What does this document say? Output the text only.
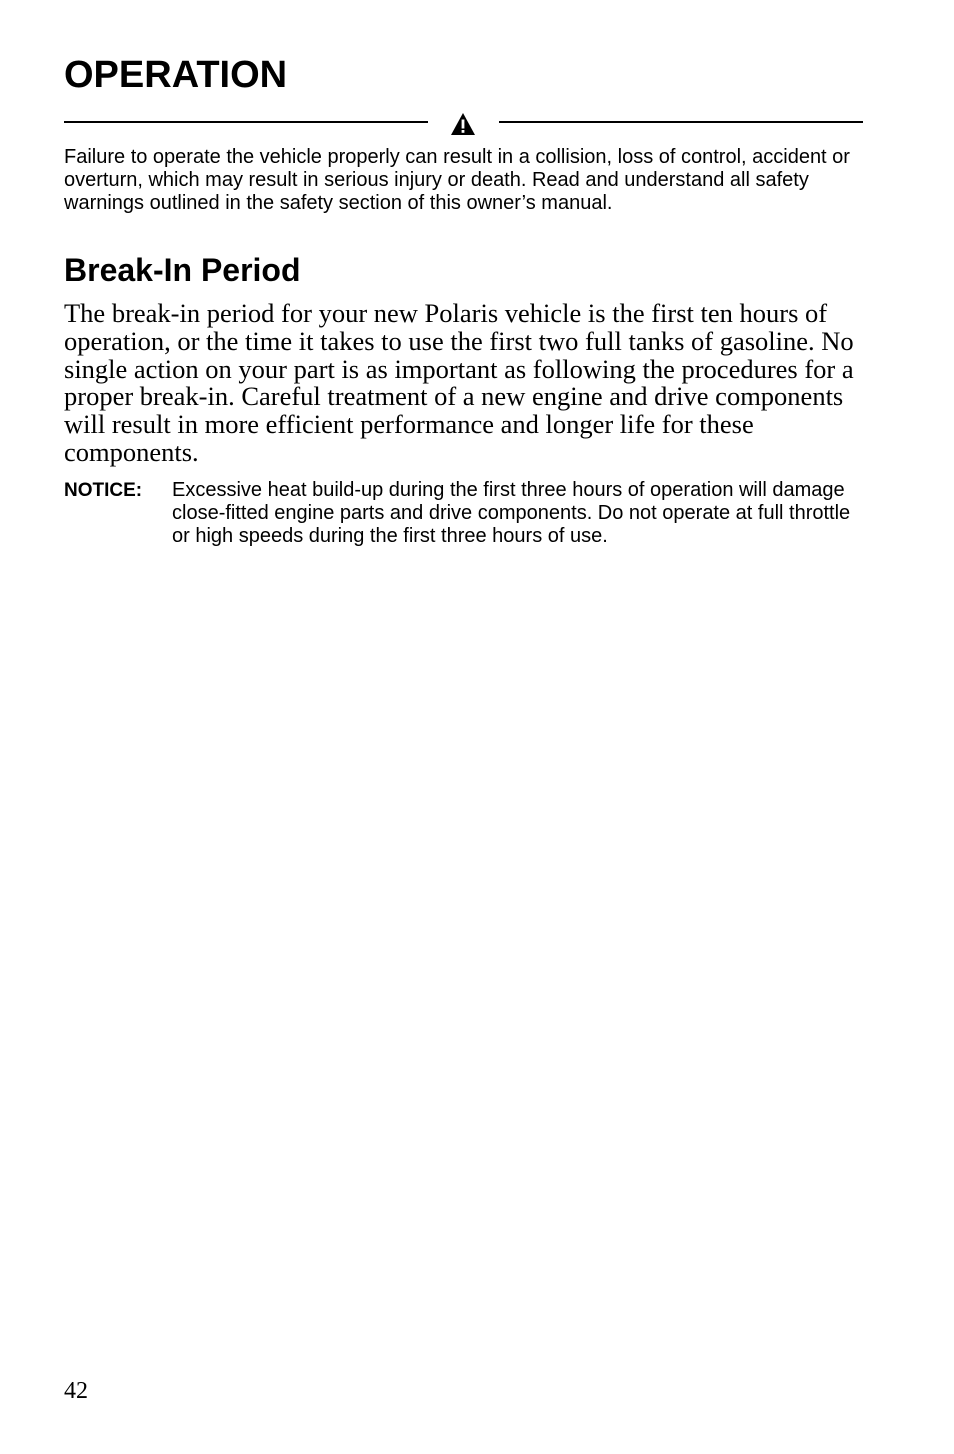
OPERATION

Failure to operate the vehicle properly can result in a collision, loss of control, accident or overturn, which may result in serious injury or death. Read and understand all safety warnings outlined in the safety section of this owner’s manual.

Break-In Period

The break-in period for your new Polaris vehicle is the first ten hours of operation, or the time it takes to use the first two full tanks of gasoline. No single action on your part is as important as following the procedures for a proper break-in. Careful treatment of a new engine and drive components will result in more efficient performance and longer life for these components.

NOTICE: Excessive heat build-up during the first three hours of operation will damage close-fitted engine parts and drive components. Do not operate at full throttle or high speeds during the first three hours of use.

42
